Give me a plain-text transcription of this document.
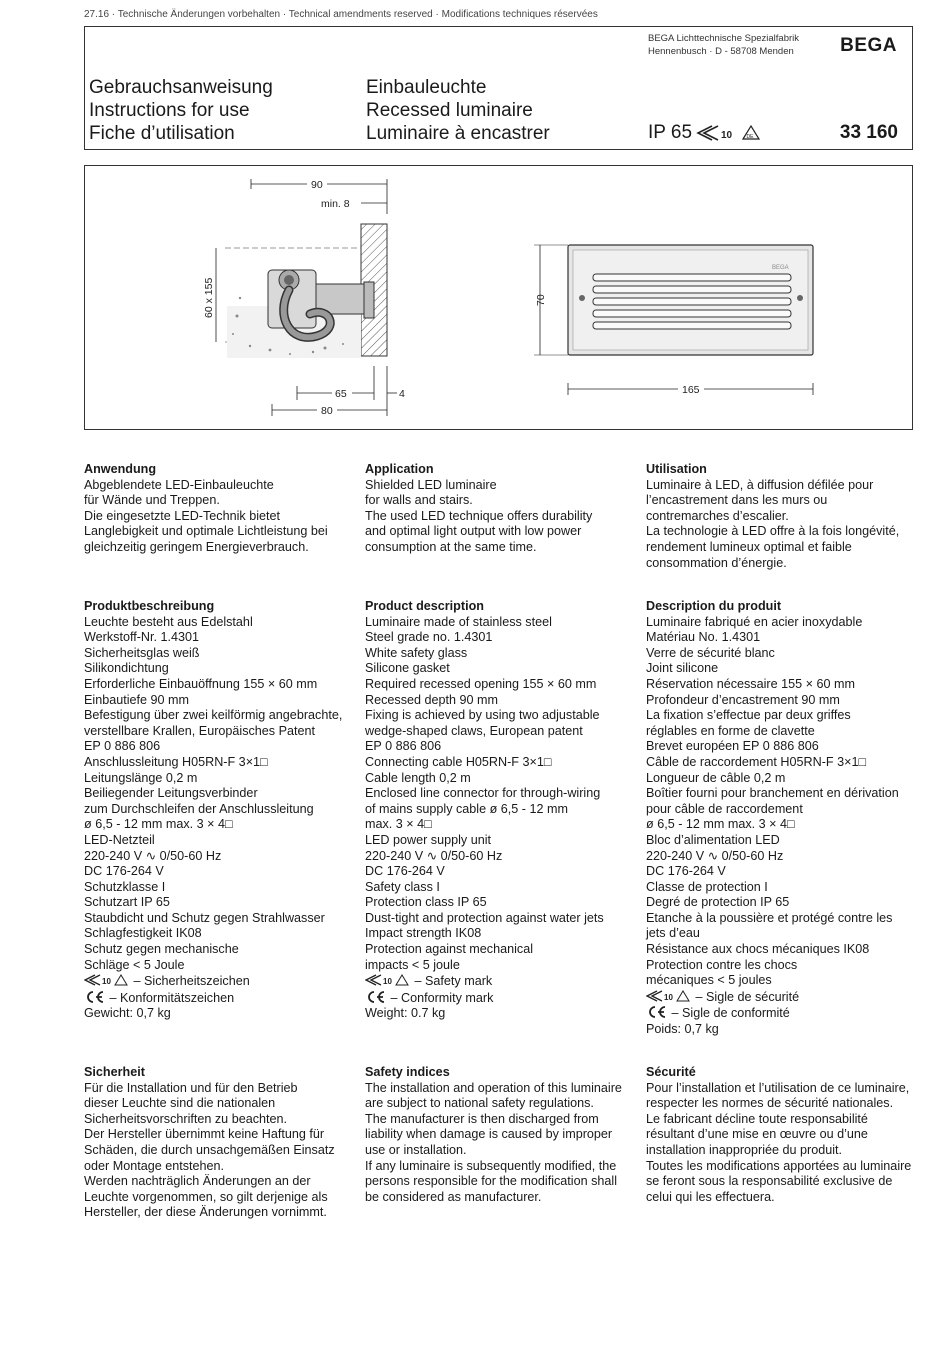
27.16 · Technische Änderungen vorbehalten · Technical amendments reserved · Modifications techniques réservées
BEGA Lichttechnische Spezialfabrik
Hennenbusch · D - 58708 Menden BEGA
Gebrauchsanweisung
Instructions for use
Fiche d’utilisation
Einbauleuchte
Recessed luminaire
Luminaire à encastrer	IP 65	10	DE	33 160
90
min. 8
60 x 155
65	4
80
BEGA
70
165
Anwendung

Abgeblendete LED-Einbauleuchte

für Wände und Treppen.

Die eingesetzte LED-Technik bietet

Langlebigkeit und optimale Lichtleistung bei

gleichzeitig geringem Energieverbrauch.

Produktbeschreibung

Leuchte besteht aus Edelstahl

Werkstoff-Nr. 1.4301

Sicherheitsglas weiß

Silikondichtung

Erforderliche Einbauöffnung 155 × 60 mm

Einbautiefe 90 mm

Befestigung über zwei keilförmig angebrachte,

verstellbare Krallen, Europäisches Patent

EP 0 886 806

Anschlussleitung H05RN-F 3×1□

Leitungslänge 0,2 m

Beiliegender Leitungsverbinder

zum Durchschleifen der Anschlussleitung

ø 6,5 - 12 mm max. 3 × 4□

LED-Netzteil

220-240 V ∿ 0/50-60 Hz

DC 176-264 V

Schutzklasse I

Schutzart IP 65

Staubdicht und Schutz gegen Strahlwasser

Schlagfestigkeit IK08

Schutz gegen mechanische

Schläge < 5 Joule

10 – Sicherheitszeichen

– Konformitätszeichen

Gewicht: 0,7 kg

Sicherheit

Für die Installation und für den Betrieb

dieser Leuchte sind die nationalen

Sicherheitsvorschriften zu beachten.

Der Hersteller übernimmt keine Haftung für

Schäden, die durch unsachgemäßen Einsatz

oder Montage entstehen.

Werden nachträglich Änderungen an der

Leuchte vorgenommen, so gilt derjenige als

Hersteller, der diese Änderungen vornimmt.

Application

Shielded LED luminaire

for walls and stairs.

The used LED technique offers durability

and optimal light output with low power

consumption at the same time.

Product description

Luminaire made of stainless steel

Steel grade no. 1.4301

White safety glass

Silicone gasket

Required recessed opening 155 × 60 mm

Recessed depth 90 mm

Fixing is achieved by using two adjustable

wedge-shaped claws, European patent

EP 0 886 806

Connecting cable H05RN-F 3×1□

Cable length 0,2 m

Enclosed line connector for through-wiring

of mains supply cable ø 6,5 - 12 mm

max. 3 × 4□

LED power supply unit

220-240 V ∿ 0/50-60 Hz

DC 176-264 V

Safety class I

Protection class IP 65

Dust-tight and protection against water jets

Impact strength IK08

Protection against mechanical

impacts < 5 joule

10 – Safety mark

– Conformity mark

Weight: 0.7 kg

Safety indices

The installation and operation of this luminaire

are subject to national safety regulations.

The manufacturer is then discharged from

liability when damage is caused by improper

use or installation.

If any luminaire is subsequently modified, the

persons responsible for the modification shall

be considered as manufacturer.

Utilisation

Luminaire à LED, à diffusion défilée pour

l’encastrement dans les murs ou

contremarches d’escalier.

La technologie à LED offre à la fois longévité,

rendement lumineux optimal et faible

consommation d’énergie.

Description du produit

Luminaire fabriqué en acier inoxydable

Matériau No. 1.4301

Verre de sécurité blanc

Joint silicone

Réservation nécessaire 155 × 60 mm

Profondeur d’encastrement 90 mm

La fixation s’effectue par deux griffes

réglables en forme de clavette

Brevet européen EP 0 886 806

Câble de raccordement H05RN-F 3×1□

Longueur de câble 0,2 m

Boîtier fourni pour branchement en dérivation

pour câble de raccordement

ø 6,5 - 12 mm max. 3 × 4□

Bloc d’alimentation LED

220-240 V ∿ 0/50-60 Hz

DC 176-264 V

Classe de protection I

Degré de protection IP 65

Etanche à la poussière et protégé contre les

jets d’eau

Résistance aux chocs mécaniques IK08

Protection contre les chocs

mécaniques < 5 joules

10 – Sigle de sécurité

– Sigle de conformité

Poids: 0,7 kg

Sécurité

Pour l’installation et l’utilisation de ce luminaire,

respecter les normes de sécurité nationales.

Le fabricant décline toute responsabilité

résultant d’une mise en œuvre ou d’une

installation inappropriée du produit.

Toutes les modifications apportées au luminaire

se feront sous la responsabilité exclusive de

celui qui les effectuera.
